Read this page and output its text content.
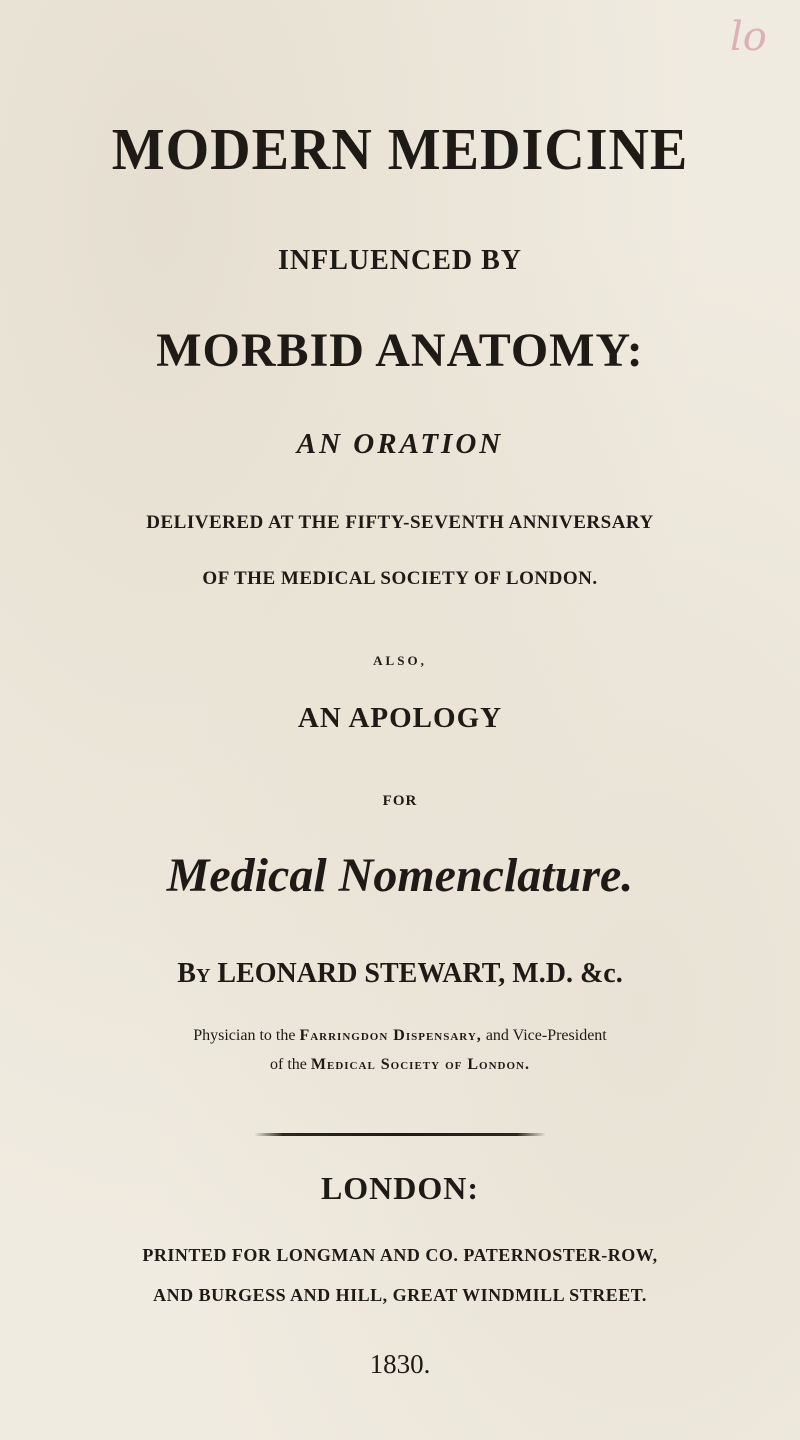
lo
MODERN MEDICINE
INFLUENCED BY
MORBID ANATOMY:
AN ORATION
DELIVERED AT THE FIFTY-SEVENTH ANNIVERSARY
OF THE MEDICAL SOCIETY OF LONDON.
ALSO,
AN APOLOGY
FOR
Medical Nomenclature.
By LEONARD STEWART, M.D. &c.
Physician to the Farringdon Dispensary, and Vice-President
of the Medical Society of London.
LONDON:
PRINTED FOR LONGMAN AND CO. PATERNOSTER-ROW,
AND BURGESS AND HILL, GREAT WINDMILL STREET.
1830.
